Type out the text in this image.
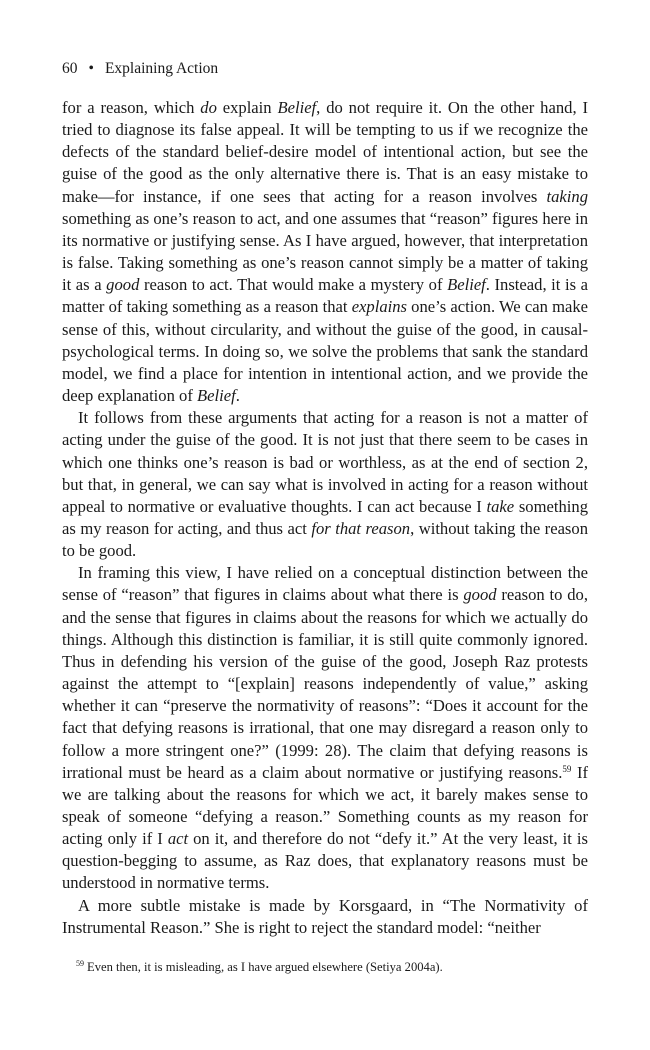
60 • Explaining Action

for a reason, which do explain Belief, do not require it. On the other hand, I tried to diagnose its false appeal. It will be tempting to us if we recognize the defects of the standard belief-desire model of intentional action, but see the guise of the good as the only alternative there is. That is an easy mistake to make—for instance, if one sees that acting for a reason involves taking something as one’s reason to act, and one assumes that “reason” figures here in its normative or justifying sense. As I have argued, however, that interpretation is false. Taking something as one’s reason cannot simply be a matter of taking it as a good reason to act. That would make a mystery of Belief. Instead, it is a matter of taking something as a reason that explains one’s action. We can make sense of this, without circularity, and without the guise of the good, in causal-psychological terms. In doing so, we solve the problems that sank the standard model, we find a place for intention in intentional action, and we provide the deep explanation of Belief.

It follows from these arguments that acting for a reason is not a matter of acting under the guise of the good. It is not just that there seem to be cases in which one thinks one’s reason is bad or worthless, as at the end of section 2, but that, in general, we can say what is involved in acting for a reason without appeal to normative or evaluative thoughts. I can act because I take something as my reason for acting, and thus act for that reason, without taking the reason to be good.

In framing this view, I have relied on a conceptual distinction between the sense of “reason” that figures in claims about what there is good reason to do, and the sense that figures in claims about the reasons for which we actually do things. Although this distinction is familiar, it is still quite commonly ignored. Thus in defending his version of the guise of the good, Joseph Raz protests against the attempt to “[explain] reasons independently of value,” asking whether it can “preserve the normativity of reasons”: “Does it account for the fact that defying reasons is irrational, that one may disregard a reason only to follow a more stringent one?” (1999: 28). The claim that defying reasons is irrational must be heard as a claim about normative or justifying reasons.$^{59}$ If we are talking about the reasons for which we act, it barely makes sense to speak of someone “defying a reason.” Something counts as my reason for acting only if I act on it, and therefore do not “defy it.” At the very least, it is question-begging to assume, as Raz does, that explanatory reasons must be understood in normative terms.

A more subtle mistake is made by Korsgaard, in “The Normativity of Instrumental Reason.” She is right to reject the standard model: “neither

$^{59}$ Even then, it is misleading, as I have argued elsewhere (Setiya 2004a).
